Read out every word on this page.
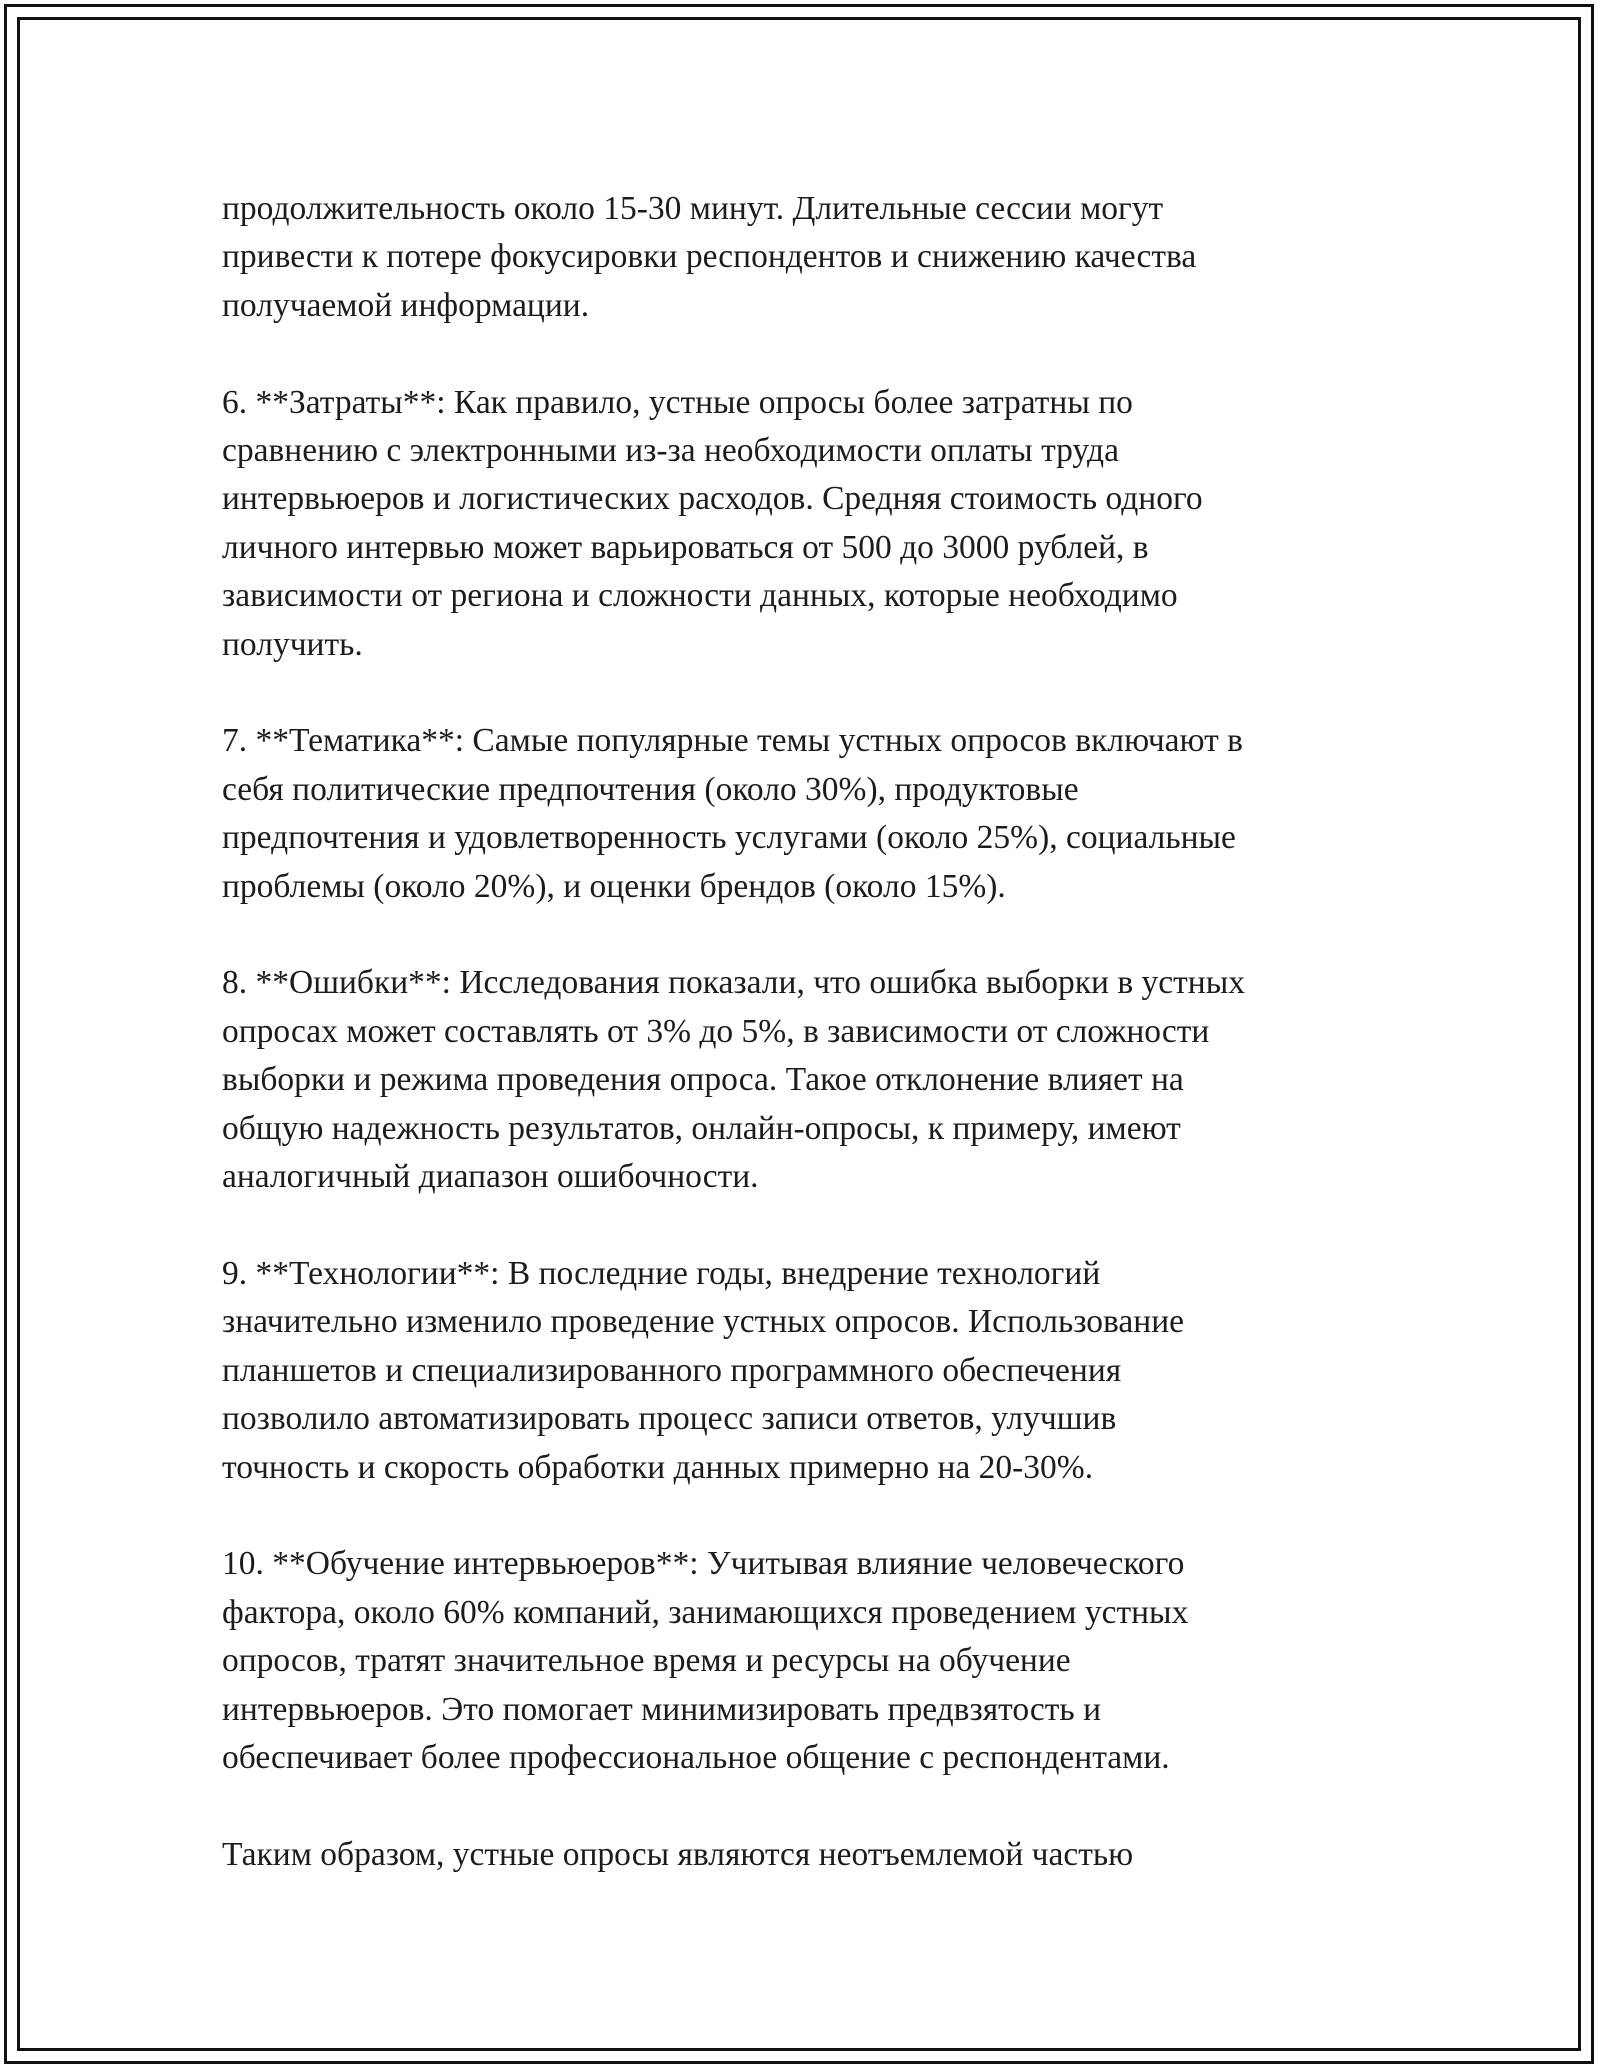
продолжительность около 15-30 минут. Длительные сессии могут
привести к потере фокусировки респондентов и снижению качества
получаемой информации.

6. **Затраты**: Как правило, устные опросы более затратны по
сравнению с электронными из-за необходимости оплаты труда
интервьюеров и логистических расходов. Средняя стоимость одного
личного интервью может варьироваться от 500 до 3000 рублей, в
зависимости от региона и сложности данных, которые необходимо
получить.

7. **Тематика**: Самые популярные темы устных опросов включают в
себя политические предпочтения (около 30%), продуктовые
предпочтения и удовлетворенность услугами (около 25%), социальные
проблемы (около 20%), и оценки брендов (около 15%).

8. **Ошибки**: Исследования показали, что ошибка выборки в устных
опросах может составлять от 3% до 5%, в зависимости от сложности
выборки и режима проведения опроса. Такое отклонение влияет на
общую надежность результатов, онлайн-опросы, к примеру, имеют
аналогичный диапазон ошибочности.

9. **Технологии**: В последние годы, внедрение технологий
значительно изменило проведение устных опросов. Использование
планшетов и специализированного программного обеспечения
позволило автоматизировать процесс записи ответов, улучшив
точность и скорость обработки данных примерно на 20-30%.

10. **Обучение интервьюеров**: Учитывая влияние человеческого
фактора, около 60% компаний, занимающихся проведением устных
опросов, тратят значительное время и ресурсы на обучение
интервьюеров. Это помогает минимизировать предвзятость и
обеспечивает более профессиональное общение с респондентами.

Таким образом, устные опросы являются неотъемлемой частью
